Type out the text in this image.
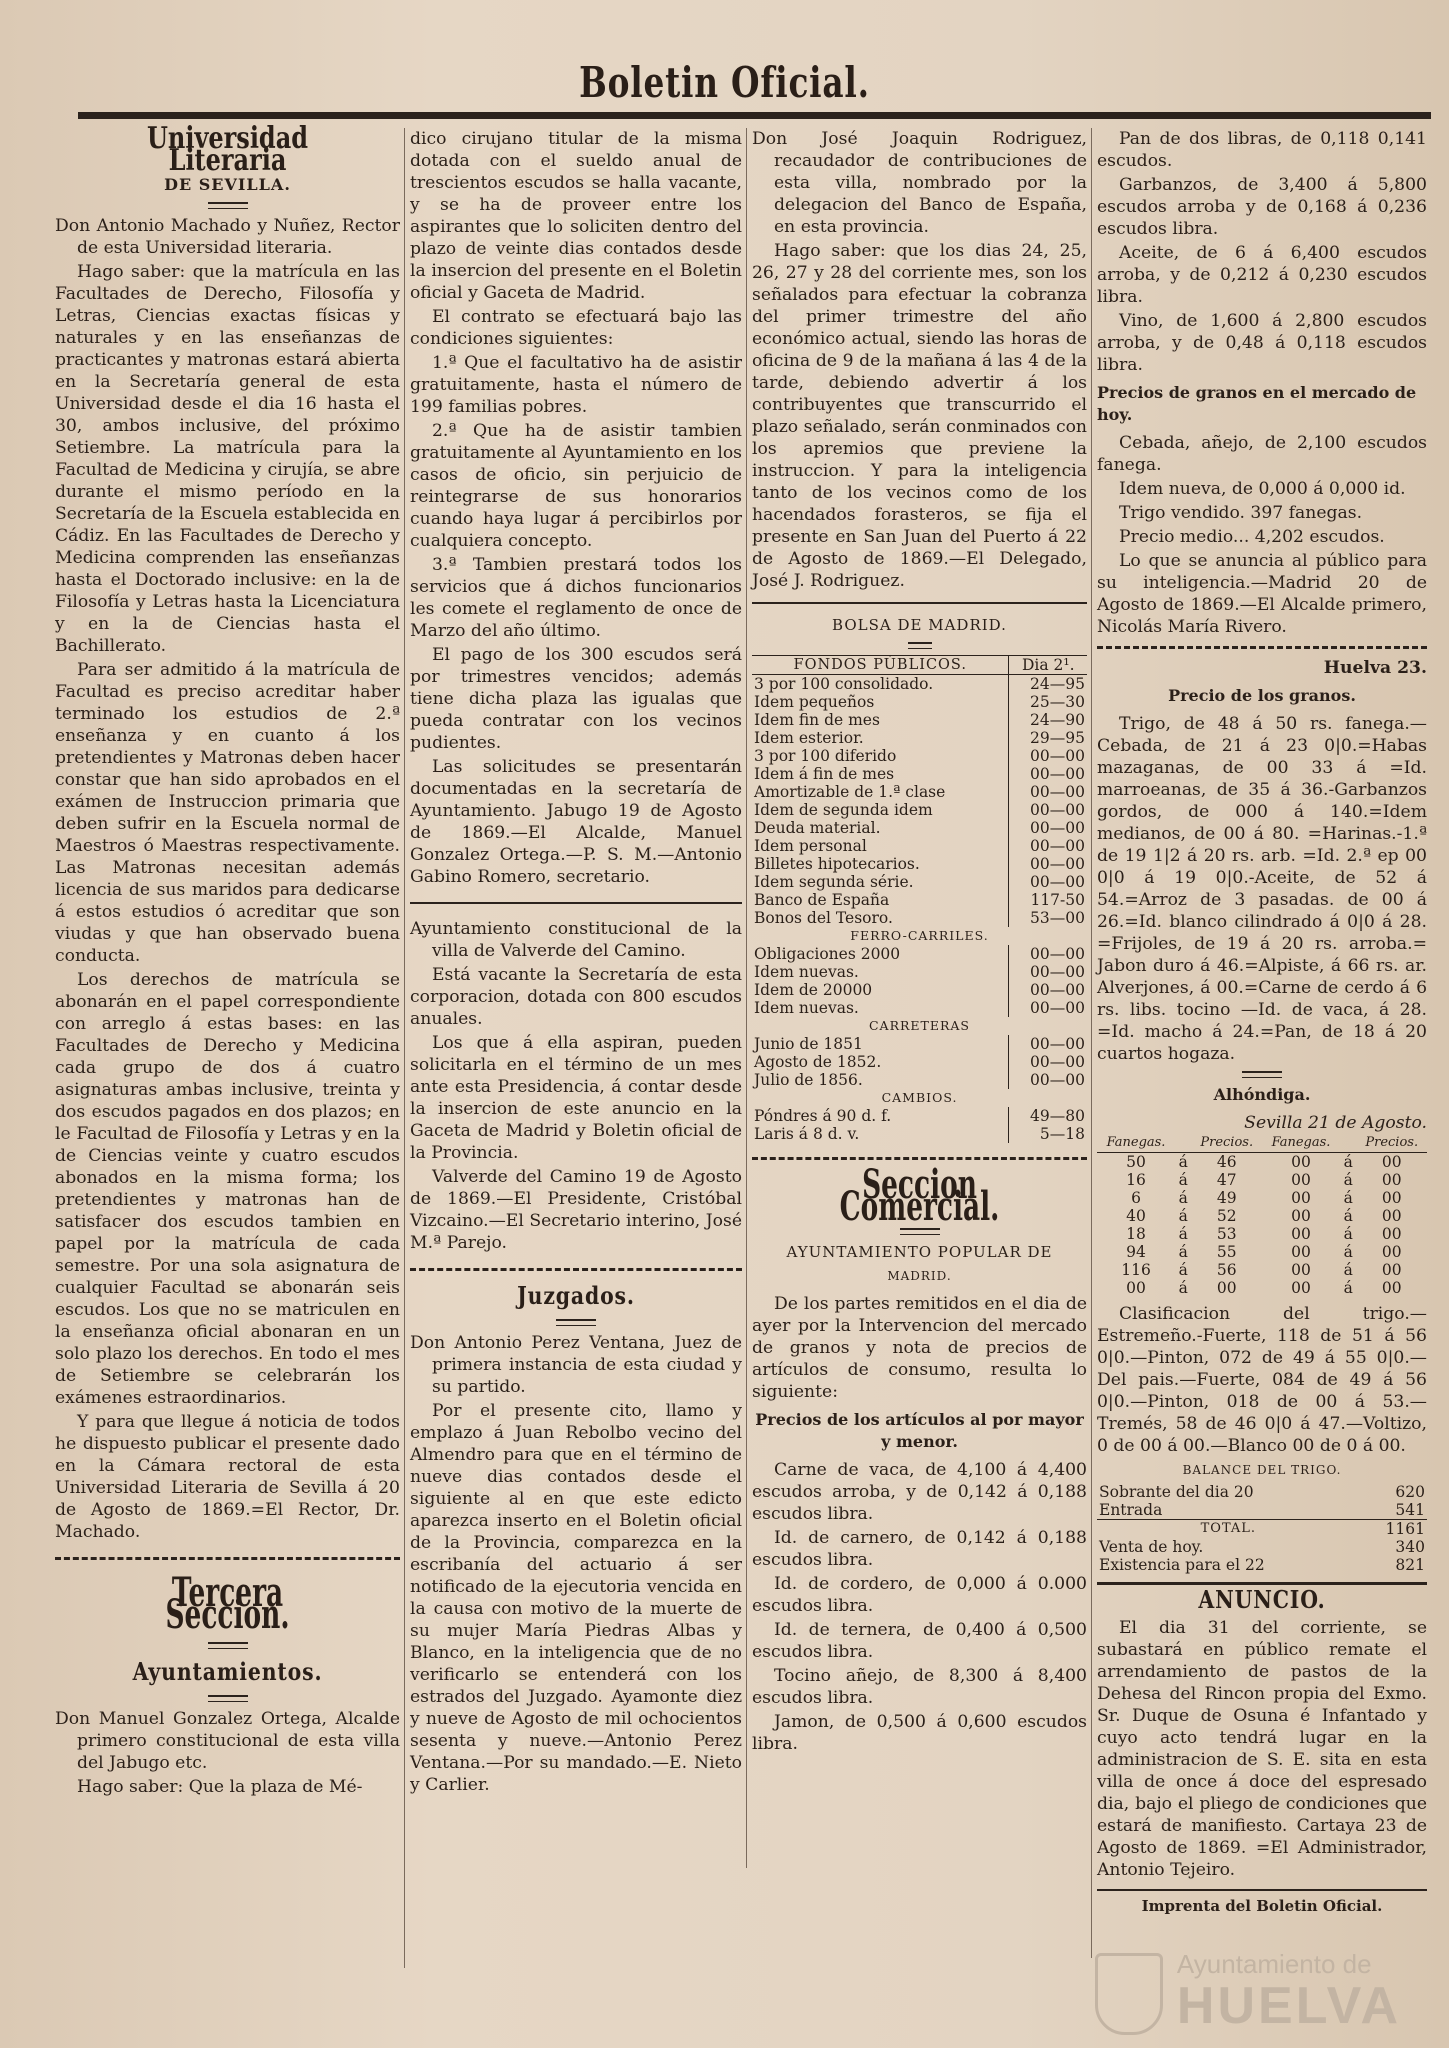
Boletin Oficial.
Universidad Literaria
DE SEVILLA.

Don Antonio Machado y Nuñez, Rector de esta Universidad literaria.

Hago saber: que la matrícula en las Facultades de Derecho, Filosofía y Letras, Ciencias exactas físicas y naturales y en las enseñanzas de practicantes y matronas estará abierta en la Secretaría general de esta Universidad desde el dia 16 hasta el 30, ambos inclusive, del próximo Setiembre. La matrícula para la Facultad de Medicina y cirujía, se abre durante el mismo período en la Secretaría de la Escuela establecida en Cádiz. En las Facultades de Derecho y Medicina comprenden las enseñanzas hasta el Doctorado inclusive: en la de Filosofía y Letras hasta la Licenciatura y en la de Ciencias hasta el Bachillerato.

Para ser admitido á la matrícula de Facultad es preciso acreditar haber terminado los estudios de 2.ª enseñanza y en cuanto á los pretendientes y Matronas deben hacer constar que han sido aprobados en el exámen de Instruccion primaria que deben sufrir en la Escuela normal de Maestros ó Maestras respectivamente. Las Matronas necesitan además licencia de sus maridos para dedicarse á estos estudios ó acreditar que son viudas y que han observado buena conducta.

Los derechos de matrícula se abonarán en el papel correspondiente con arreglo á estas bases: en las Facultades de Derecho y Medicina cada grupo de dos á cuatro asignaturas ambas inclusive, treinta y dos escudos pagados en dos plazos; en le Facultad de Filosofía y Letras y en la de Ciencias veinte y cuatro escudos abonados en la misma forma; los pretendientes y matronas han de satisfacer dos escudos tambien en papel por la matrícula de cada semestre. Por una sola asignatura de cualquier Facultad se abonarán seis escudos. Los que no se matriculen en la enseñanza oficial abonaran en un solo plazo los derechos. En todo el mes de Setiembre se celebrarán los exámenes estraordinarios.

Y para que llegue á noticia de todos he dispuesto publicar el presente dado en la Cámara rectoral de esta Universidad Literaria de Sevilla á 20 de Agosto de 1869.=El Rector, Dr. Machado.

Tercera Seccion.
Ayuntamientos.

Don Manuel Gonzalez Ortega, Alcalde primero constitucional de esta villa del Jabugo etc.

Hago saber: Que la plaza de Mé-

dico cirujano titular de la misma dotada con el sueldo anual de trescientos escudos se halla vacante, y se ha de proveer entre los aspirantes que lo soliciten dentro del plazo de veinte dias contados desde la insercion del presente en el Boletin oficial y Gaceta de Madrid.

El contrato se efectuará bajo las condiciones siguientes:

1.ª Que el facultativo ha de asistir gratuitamente, hasta el número de 199 familias pobres.

2.ª Que ha de asistir tambien gratuitamente al Ayuntamiento en los casos de oficio, sin perjuicio de reintegrarse de sus honorarios cuando haya lugar á percibirlos por cualquiera concepto.

3.ª Tambien prestará todos los servicios que á dichos funcionarios les comete el reglamento de once de Marzo del año último.

El pago de los 300 escudos será por trimestres vencidos; además tiene dicha plaza las igualas que pueda contratar con los vecinos pudientes.

Las solicitudes se presentarán documentadas en la secretaría de Ayuntamiento. Jabugo 19 de Agosto de 1869.—El Alcalde, Manuel Gonzalez Ortega.—P. S. M.—Antonio Gabino Romero, secretario.

Ayuntamiento constitucional de la villa de Valverde del Camino.

Está vacante la Secretaría de esta corporacion, dotada con 800 escudos anuales.

Los que á ella aspiran, pueden solicitarla en el término de un mes ante esta Presidencia, á contar desde la insercion de este anuncio en la Gaceta de Madrid y Boletin oficial de la Provincia.

Valverde del Camino 19 de Agosto de 1869.—El Presidente, Cristóbal Vizcaino.—El Secretario interino, José M.ª Parejo.

Juzgados.

Don Antonio Perez Ventana, Juez de primera instancia de esta ciudad y su partido.

Por el presente cito, llamo y emplazo á Juan Rebolbo vecino del Almendro para que en el término de nueve dias contados desde el siguiente al en que este edicto aparezca inserto en el Boletin oficial de la Provincia, comparezca en la escribanía del actuario á ser notificado de la ejecutoria vencida en la causa con motivo de la muerte de su mujer María Piedras Albas y Blanco, en la inteligencia que de no verificarlo se entenderá con los estrados del Juzgado. Ayamonte diez y nueve de Agosto de mil ochocientos sesenta y nueve.—Antonio Perez Ventana.—Por su mandado.—E. Nieto y Carlier.

Don José Joaquin Rodriguez, recaudador de contribuciones de esta villa, nombrado por la delegacion del Banco de España, en esta provincia.

Hago saber: que los dias 24, 25, 26, 27 y 28 del corriente mes, son los señalados para efectuar la cobranza del primer trimestre del año económico actual, siendo las horas de oficina de 9 de la mañana á las 4 de la tarde, debiendo advertir á los contribuyentes que transcurrido el plazo señalado, serán conminados con los apremios que previene la instruccion. Y para la inteligencia tanto de los vecinos como de los hacendados forasteros, se fija el presente en San Juan del Puerto á 22 de Agosto de 1869.—El Delegado, José J. Rodriguez.

BOLSA DE MADRID.
FONDOS PÚBLICOS.	Dia 2¹.
3 por 100 consolidado.	24—95
Idem pequeños	25—30
Idem fin de mes	24—90
Idem esterior.	29—95
3 por 100 diferido	00—00
Idem á fin de mes	00—00
Amortizable de 1.ª clase	00—00
Idem de segunda idem	00—00
Deuda material.	00—00
Idem personal	00—00
Billetes hipotecarios.	00—00
Idem segunda série.	00—00
Banco de España	117-50
Bonos del Tesoro.	53—00
FERRO-CARRILES.	
Obligaciones 2000	00—00
Idem nuevas.	00—00
Idem de 20000	00—00
Idem nuevas.	00—00
CARRETERAS	
Junio de 1851	00—00
Agosto de 1852.	00—00
Julio de 1856.	00—00
CAMBIOS.	
Póndres á 90 d. f.	49—80
Laris á 8 d. v.	5—18
Seccion Comercial.
AYUNTAMIENTO POPULAR DE
MADRID.

De los partes remitidos en el dia de ayer por la Intervencion del mercado de granos y nota de precios de artículos de consumo, resulta lo siguiente:

Precios de los artículos al por mayor y menor.

Carne de vaca, de 4,100 á 4,400 escudos arroba, y de 0,142 á 0,188 escudos libra.

Id. de carnero, de 0,142 á 0,188 escudos libra.

Id. de cordero, de 0,000 á 0.000 escudos libra.

Id. de ternera, de 0,400 á 0,500 escudos libra.

Tocino añejo, de 8,300 á 8,400 escudos libra.

Jamon, de 0,500 á 0,600 escudos libra.

Pan de dos libras, de 0,118 0,141 escudos.

Garbanzos, de 3,400 á 5,800 escudos arroba y de 0,168 á 0,236 escudos libra.

Aceite, de 6 á 6,400 escudos arroba, y de 0,212 á 0,230 escudos libra.

Vino, de 1,600 á 2,800 escudos arroba, y de 0,48 á 0,118 escudos libra.

Precios de granos en el mercado de hoy.

Cebada, añejo, de 2,100 escudos fanega.

Idem nueva, de 0,000 á 0,000 id.

Trigo vendido. 397 fanegas.

Precio medio... 4,202 escudos.

Lo que se anuncia al público para su inteligencia.—Madrid 20 de Agosto de 1869.—El Alcalde primero, Nicolás María Rivero.

Huelva 23.
Precio de los granos.

Trigo, de 48 á 50 rs. fanega.—Cebada, de 21 á 23 0|0.=Habas mazaganas, de 00 33 á =Id. marroeanas, de 35 á 36.-Garbanzos gordos, de 000 á 140.=Idem medianos, de 00 á 80. =Harinas.-1.ª de 19 1|2 á 20 rs. arb. =Id. 2.ª ep 00 0|0 á 19 0|0.-Aceite, de 52 á 54.=Arroz de 3 pasadas. de 00 á 26.=Id. blanco cilindrado á 0|0 á 28. =Frijoles, de 19 á 20 rs. arroba.= Jabon duro á 46.=Alpiste, á 66 rs. ar. Alverjones, á 00.=Carne de cerdo á 6 rs. libs. tocino —Id. de vaca, á 28. =Id. macho á 24.=Pan, de 18 á 20 cuartos hogaza.

Alhóndiga.
Sevilla 21 de Agosto.
Fanegas.		Precios.	Fanegas.		Precios.
50	á	46	00	á	00
16	á	47	00	á	00
6	á	49	00	á	00
40	á	52	00	á	00
18	á	53	00	á	00
94	á	55	00	á	00
116	á	56	00	á	00
00	á	00	00	á	00

Clasificacion del trigo.—Estremeño.-Fuerte, 118 de 51 á 56 0|0.—Pinton, 072 de 49 á 55 0|0.—Del pais.—Fuerte, 084 de 49 á 56 0|0.—Pinton, 018 de 00 á 53.—Tremés, 58 de 46 0|0 á 47.—Voltizo, 0 de 00 á 00.—Blanco 00 de 0 á 00.

BALANCE DEL TRIGO.
Sobrante del dia 20	620
Entrada	541
TOTAL.	1161
Venta de hoy.	340
Existencia para el 22	821
ANUNCIO.

El dia 31 del corriente, se subastará en público remate el arrendamiento de pastos de la Dehesa del Rincon propia del Exmo. Sr. Duque de Osuna é Infantado y cuyo acto tendrá lugar en la administracion de S. E. sita en esta villa de once á doce del espresado dia, bajo el pliego de condiciones que estará de manifiesto. Cartaya 23 de Agosto de 1869. =El Administrador, Antonio Tejeiro.

Imprenta del Boletin Oficial.
Ayuntamiento de
HUELVA
